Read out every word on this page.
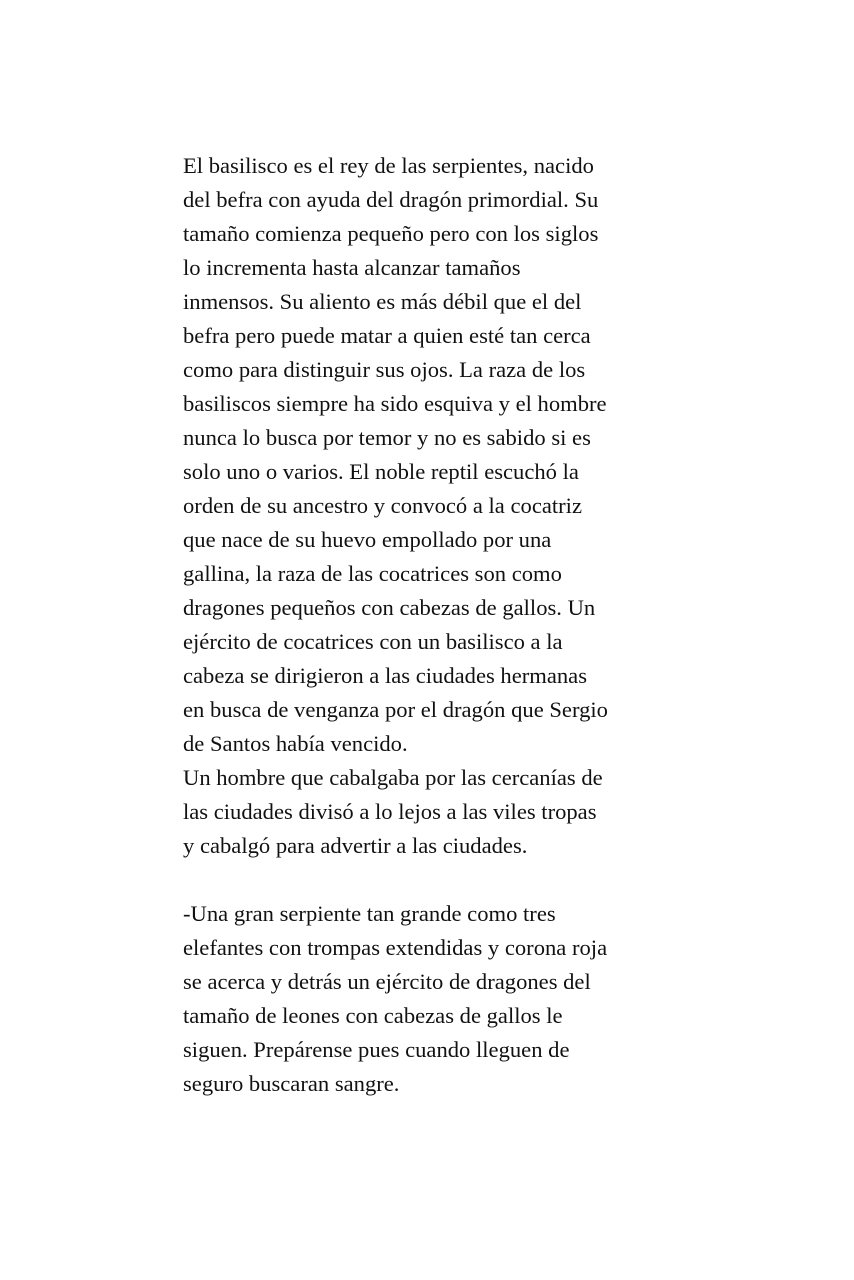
El basilisco es el rey de las serpientes, nacido
del befra con ayuda del dragón primordial. Su
tamaño comienza pequeño pero con los siglos
lo incrementa hasta alcanzar tamaños
inmensos. Su aliento es más débil que el del
befra pero puede matar a quien esté tan cerca
como para distinguir sus ojos. La raza de los
basiliscos siempre ha sido esquiva y el hombre
nunca lo busca por temor y no es sabido si es
solo uno o varios. El noble reptil escuchó la
orden de su ancestro y convocó a la cocatriz
que nace de su huevo empollado por una
gallina, la raza de las cocatrices son como
dragones pequeños con cabezas de gallos. Un
ejército de cocatrices con un basilisco a la
cabeza se dirigieron a las ciudades hermanas
en busca de venganza por el dragón que Sergio
de Santos había vencido.
Un hombre que cabalgaba por las cercanías de
las ciudades divisó a lo lejos a las viles tropas
y cabalgó para advertir a las ciudades.
-Una gran serpiente tan grande como tres
elefantes con trompas extendidas y corona roja
se acerca y detrás un ejército de dragones del
tamaño de leones con cabezas de gallos le
siguen. Prepárense pues cuando lleguen de
seguro buscaran sangre.
